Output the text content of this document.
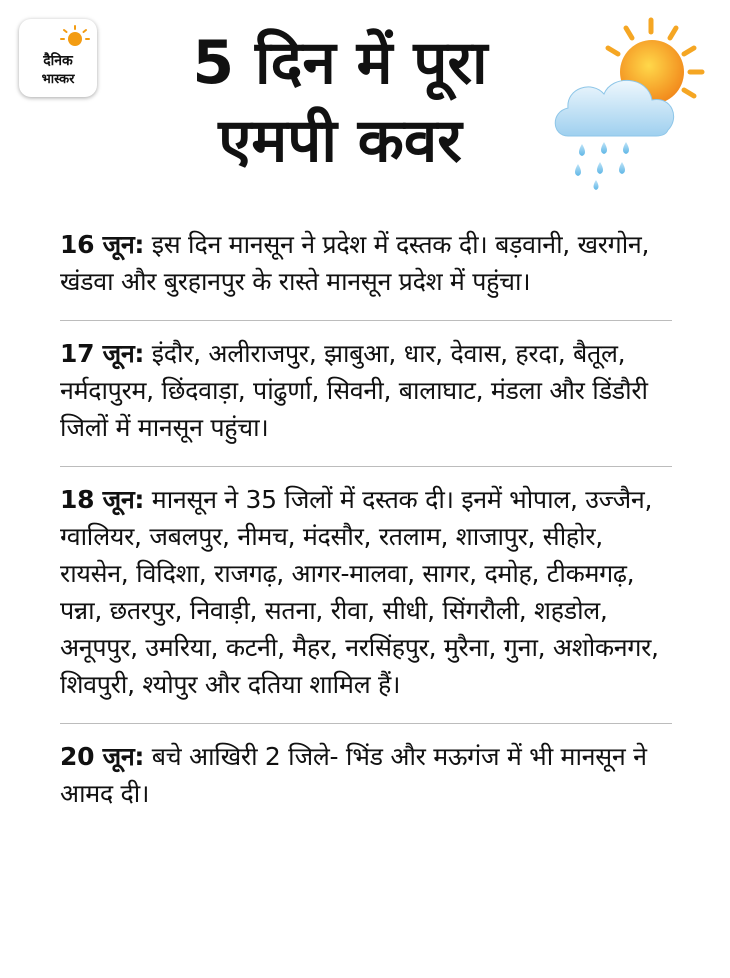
दैनिक
भास्कर	5 दिन में पूरा
एमपी कवर

16 जून: इस दिन मानसून ने प्रदेश में दस्तक दी। बड़वानी, खरगोन, खंडवा और बुरहानपुर के रास्ते मानसून प्रदेश में पहुंचा।

17 जून: इंदौर, अलीराजपुर, झाबुआ, धार, देवास, हरदा, बैतूल, नर्मदापुरम, छिंदवाड़ा, पांढुर्णा, सिवनी, बालाघाट, मंडला और डिंडौरी जिलों में मानसून पहुंचा।

18 जून: मानसून ने 35 जिलों में दस्तक दी। इनमें भोपाल, उज्जैन, ग्वालियर, जबलपुर, नीमच, मंदसौर, रतलाम, शाजापुर, सीहोर, रायसेन, विदिशा, राजगढ़, आगर-मालवा, सागर, दमोह, टीकमगढ़, पन्ना, छतरपुर, निवाड़ी, सतना, रीवा, सीधी, सिंगरौली, शहडोल, अनूपपुर, उमरिया, कटनी, मैहर, नरसिंहपुर, मुरैना, गुना, अशोकनगर, शिवपुरी, श्योपुर और दतिया शामिल हैं।

20 जून: बचे आखिरी 2 जिले- भिंड और मऊगंज में भी मानसून ने आमद दी।
